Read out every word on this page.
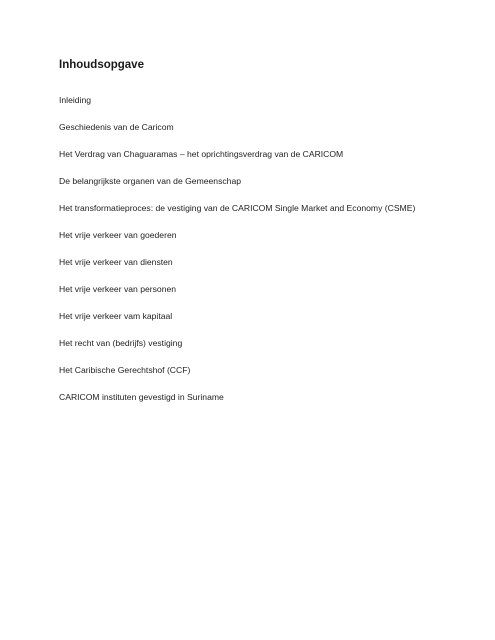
Inhoudsopgave
Inleiding
Geschiedenis van de Caricom
Het Verdrag van Chaguaramas – het oprichtingsverdrag van de CARICOM
De belangrijkste organen van de Gemeenschap
Het transformatieproces: de vestiging van de CARICOM Single Market and Economy (CSME)
Het vrije verkeer van goederen
Het vrije verkeer van diensten
Het vrije verkeer van personen
Het vrije verkeer vam kapitaal
Het recht van (bedrijfs) vestiging
Het Caribische Gerechtshof (CCF)
CARICOM instituten gevestigd in Suriname
